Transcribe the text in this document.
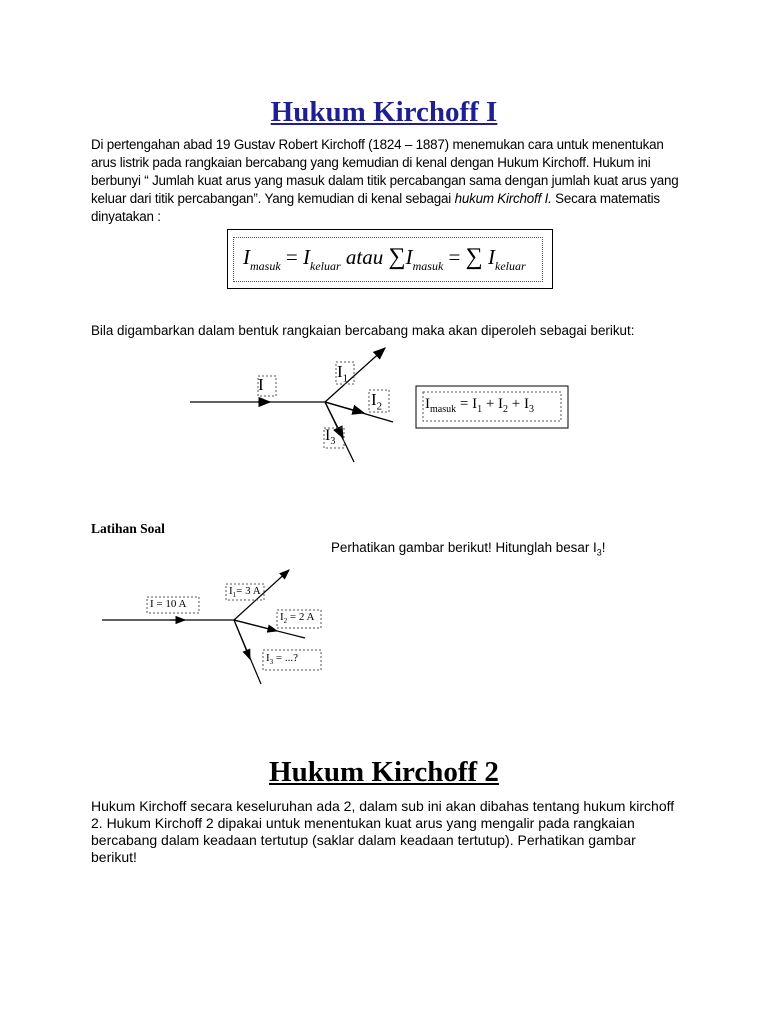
Hukum Kirchoff I
Di pertengahan abad 19 Gustav Robert Kirchoff (1824 – 1887) menemukan cara untuk menentukan arus listrik pada rangkaian bercabang yang kemudian di kenal dengan Hukum Kirchoff. Hukum ini berbunyi “ Jumlah kuat arus yang masuk dalam titik percabangan sama dengan jumlah kuat arus yang keluar dari titik percabangan”. Yang kemudian di kenal sebagai hukum Kirchoff I. Secara matematis dinyatakan :
$I_{masuk} = I_{keluar}$ atau $\sum I_{masuk}$ = ∑ $I_{keluar}$
Bila digambarkan dalam bentuk rangkaian bercabang maka akan diperoleh sebagai berikut:
I
$I_1$
$I_2$
$I_3$
$I_{masuk} = I_1 + I_2 + I_3$
Latihan Soal
Perhatikan gambar berikut! Hitunglah besar $I_3$!
I = 10 A
$I_1= 3$ A
$I_2 = 2$ A
$I_3$ = ...?
Hukum Kirchoff 2
Hukum Kirchoff secara keseluruhan ada 2, dalam sub ini akan dibahas tentang hukum kirchoff 2. Hukum Kirchoff 2 dipakai untuk menentukan kuat arus yang mengalir pada rangkaian bercabang dalam keadaan tertutup (saklar dalam keadaan tertutup). Perhatikan gambar berikut!
